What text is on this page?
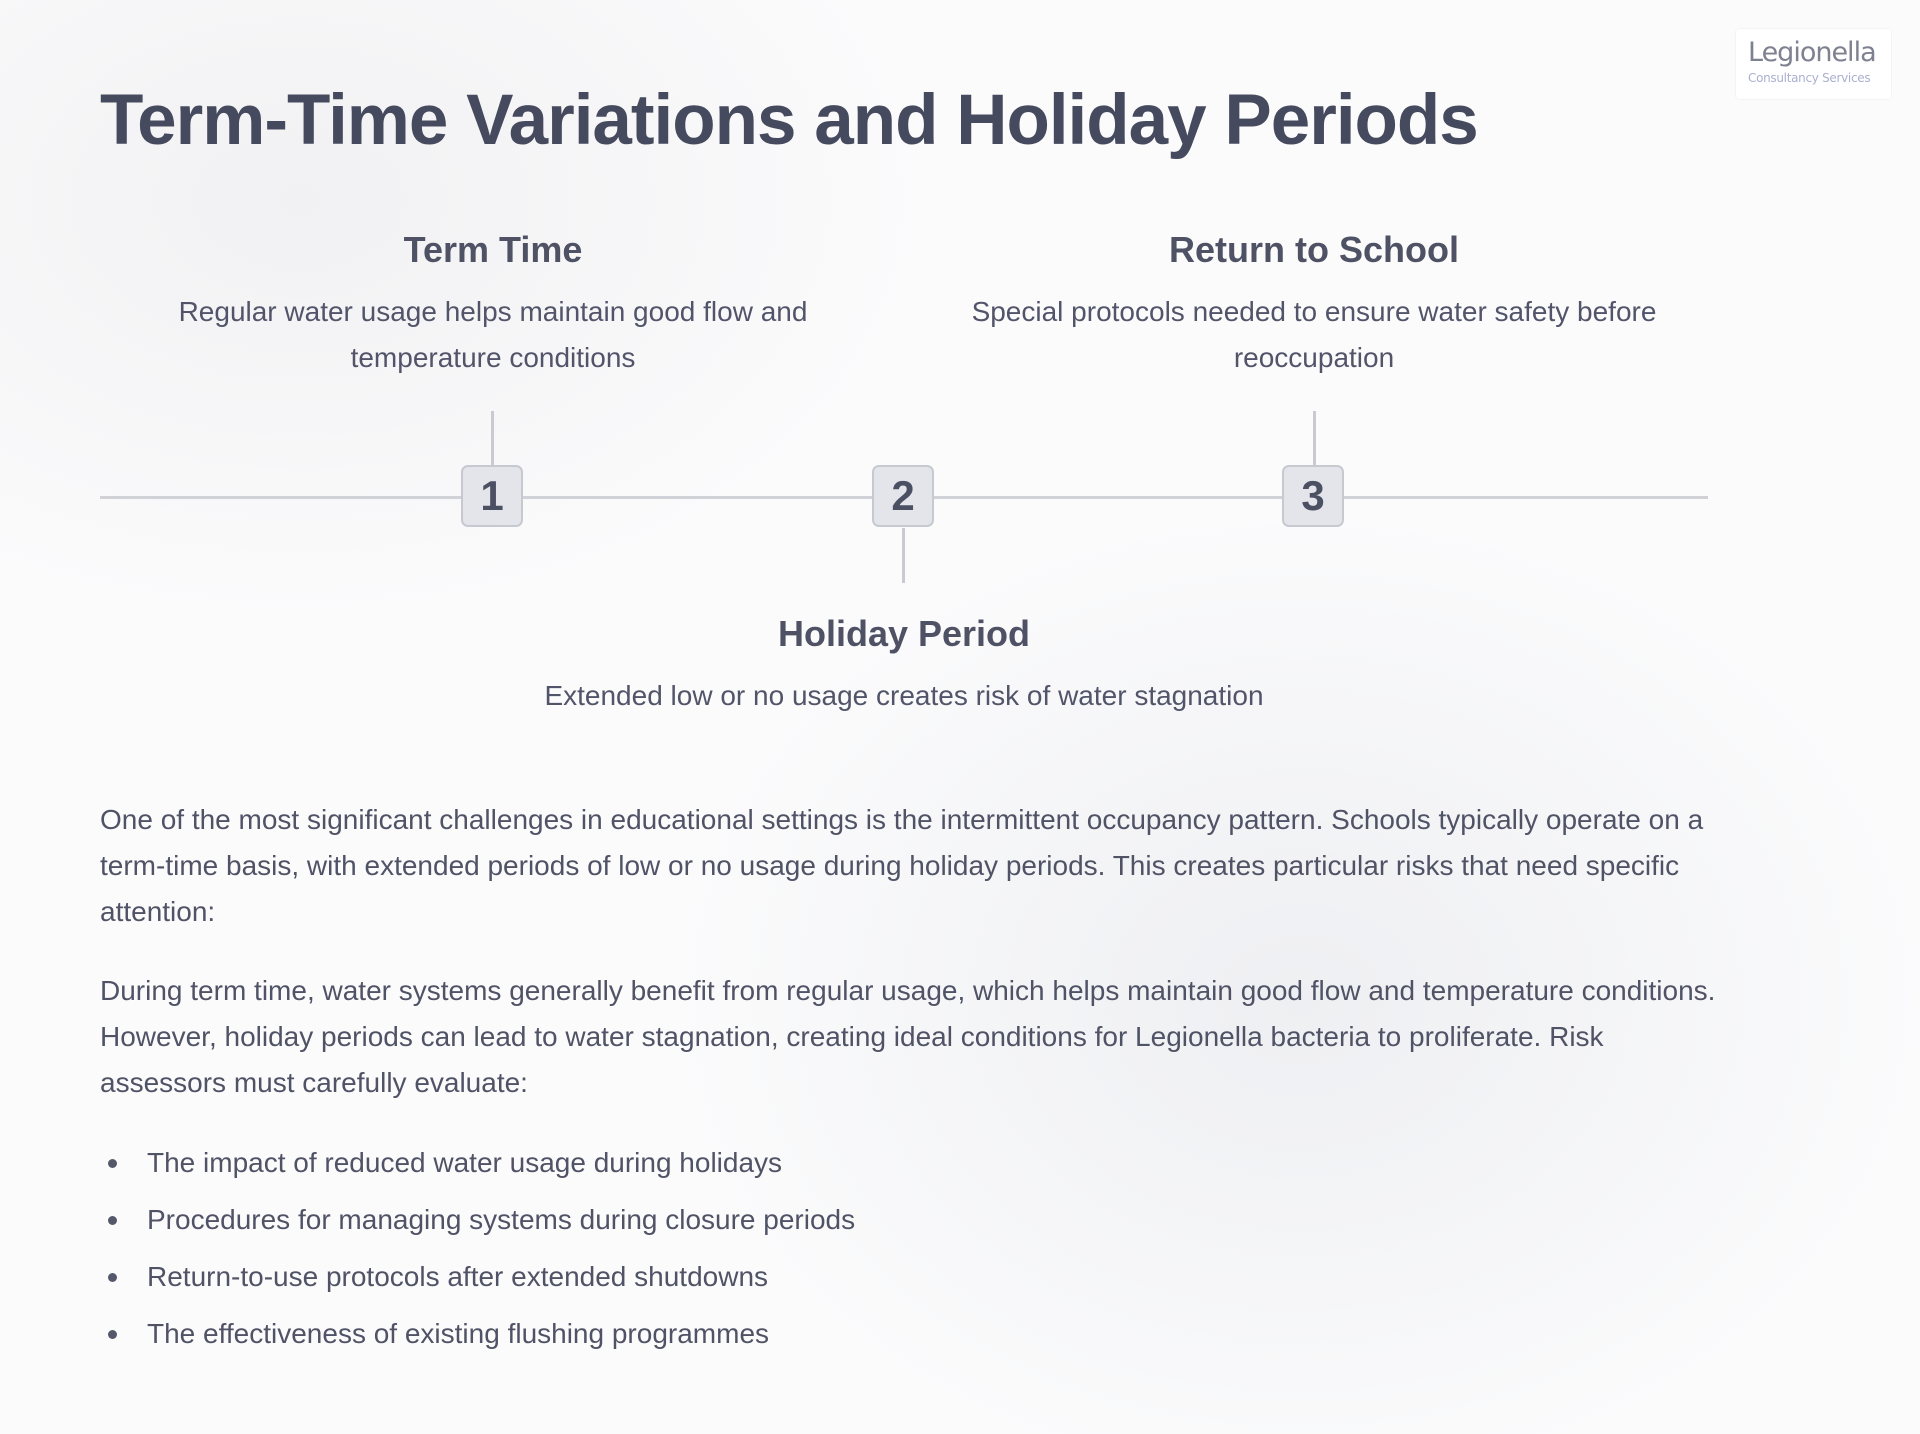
Legionella
Consultancy Services
Term-Time Variations and Holiday Periods
Term Time

Regular water usage helps maintain good flow and temperature conditions

Return to School

Special protocols needed to ensure water safety before reoccupation

Holiday Period

Extended low or no usage creates risk of water stagnation

1	2	3

One of the most significant challenges in educational settings is the intermittent occupancy pattern. Schools typically operate on a term-time basis, with extended periods of low or no usage during holiday periods. This creates particular risks that need specific attention:

During term time, water systems generally benefit from regular usage, which helps maintain good flow and temperature conditions. However, holiday periods can lead to water stagnation, creating ideal conditions for Legionella bacteria to proliferate. Risk assessors must carefully evaluate:

The impact of reduced water usage during holidays
Procedures for managing systems during closure periods
Return-to-use protocols after extended shutdowns
The effectiveness of existing flushing programmes
